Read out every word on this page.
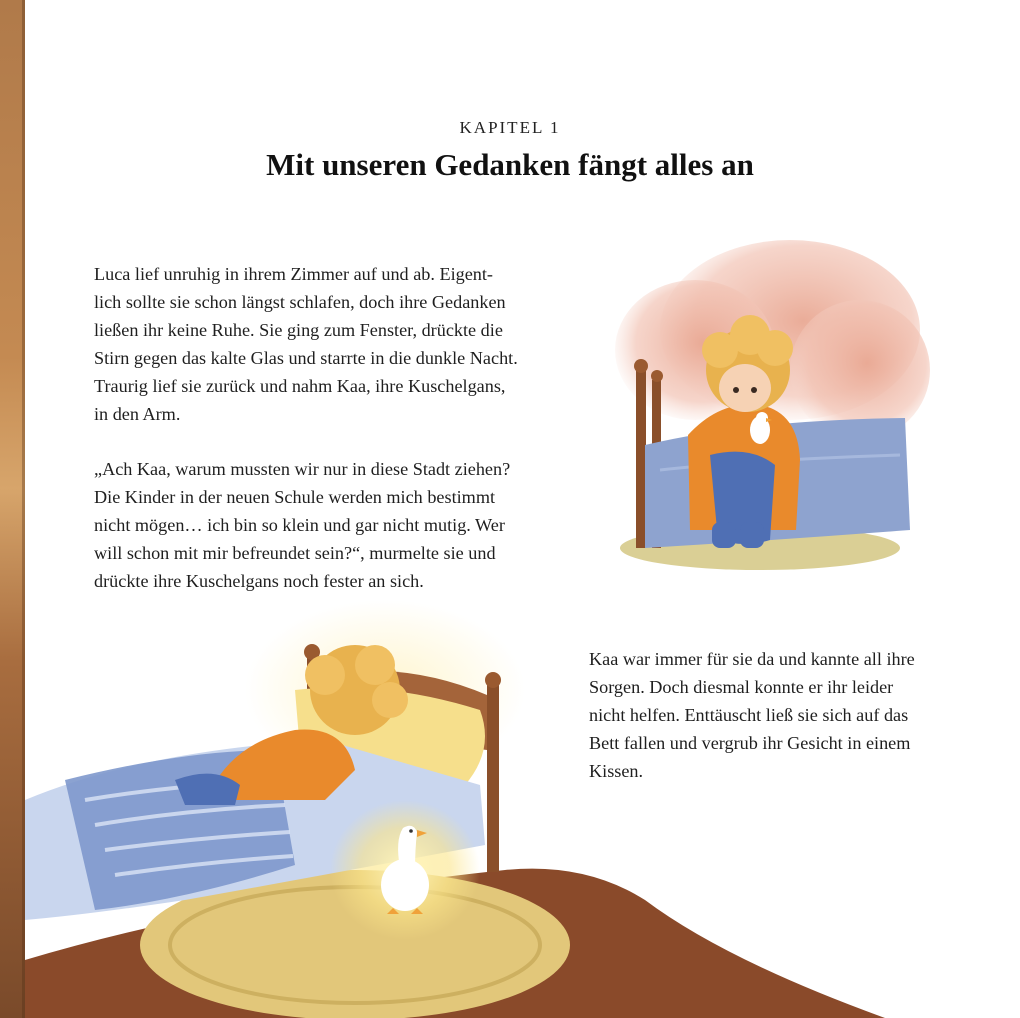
KAPITEL 1
Mit unseren Gedanken fängt alles an

Luca lief unruhig in ihrem Zimmer auf und ab. Eigent-
lich sollte sie schon längst schlafen, doch ihre Gedanken
ließen ihr keine Ruhe. Sie ging zum Fenster, drückte die
Stirn gegen das kalte Glas und starrte in die dunkle Nacht.
Traurig lief sie zurück und nahm Kaa, ihre Kuschelgans,
in den Arm.

„Ach Kaa, warum mussten wir nur in diese Stadt ziehen?
Die Kinder in der neuen Schule werden mich bestimmt
nicht mögen… ich bin so klein und gar nicht mutig. Wer
will schon mit mir befreundet sein?“, murmelte sie und
drückte ihre Kuschelgans noch fester an sich.

Kaa war immer für sie da und kannte all ihre
Sorgen. Doch diesmal konnte er ihr leider
nicht helfen. Enttäuscht ließ sie sich auf das
Bett fallen und vergrub ihr Gesicht in einem
Kissen.
